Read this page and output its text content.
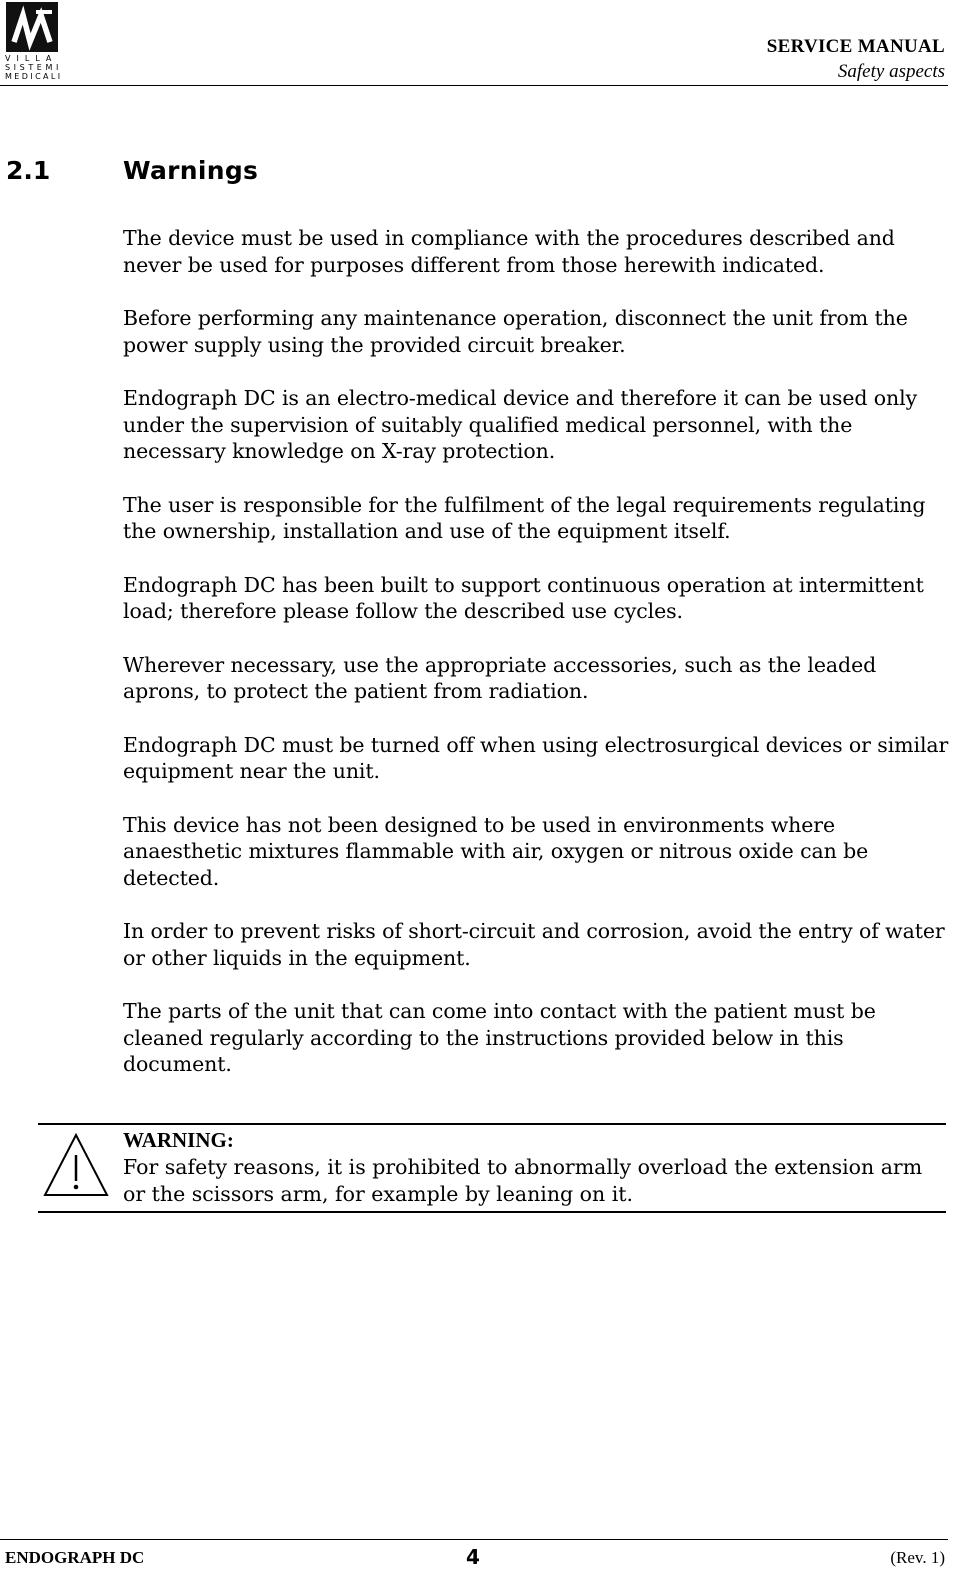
VILLA
SISTEMI
MEDICALI
SERVICE MANUAL
Safety aspects
2.1	Warnings

The device must be used in compliance with the procedures described and never be used for purposes different from those herewith indicated.

Before performing any maintenance operation, disconnect the unit from the power supply using the provided circuit breaker.

Endograph DC is an electro-medical device and therefore it can be used only under the supervision of suitably qualified medical personnel, with the necessary knowledge on X-ray protection.

The user is responsible for the fulfilment of the legal requirements regulating the ownership, installation and use of the equipment itself.

Endograph DC has been built to support continuous operation at intermittent load; therefore please follow the described use cycles.

Wherever necessary, use the appropriate accessories, such as the leaded aprons, to protect the patient from radiation.

Endograph DC must be turned off when using electrosurgical devices or similar equipment near the unit.

This device has not been designed to be used in environments where anaesthetic mixtures flammable with air, oxygen or nitrous oxide can be detected.

In order to prevent risks of short-circuit and corrosion, avoid the entry of water or other liquids in the equipment.

The parts of the unit that can come into contact with the patient must be cleaned regularly according to the instructions provided below in this document.

WARNING:
For safety reasons, it is prohibited to abnormally overload the extension arm or the scissors arm, for example by leaning on it.
ENDOGRAPH DC	4	(Rev. 1)
